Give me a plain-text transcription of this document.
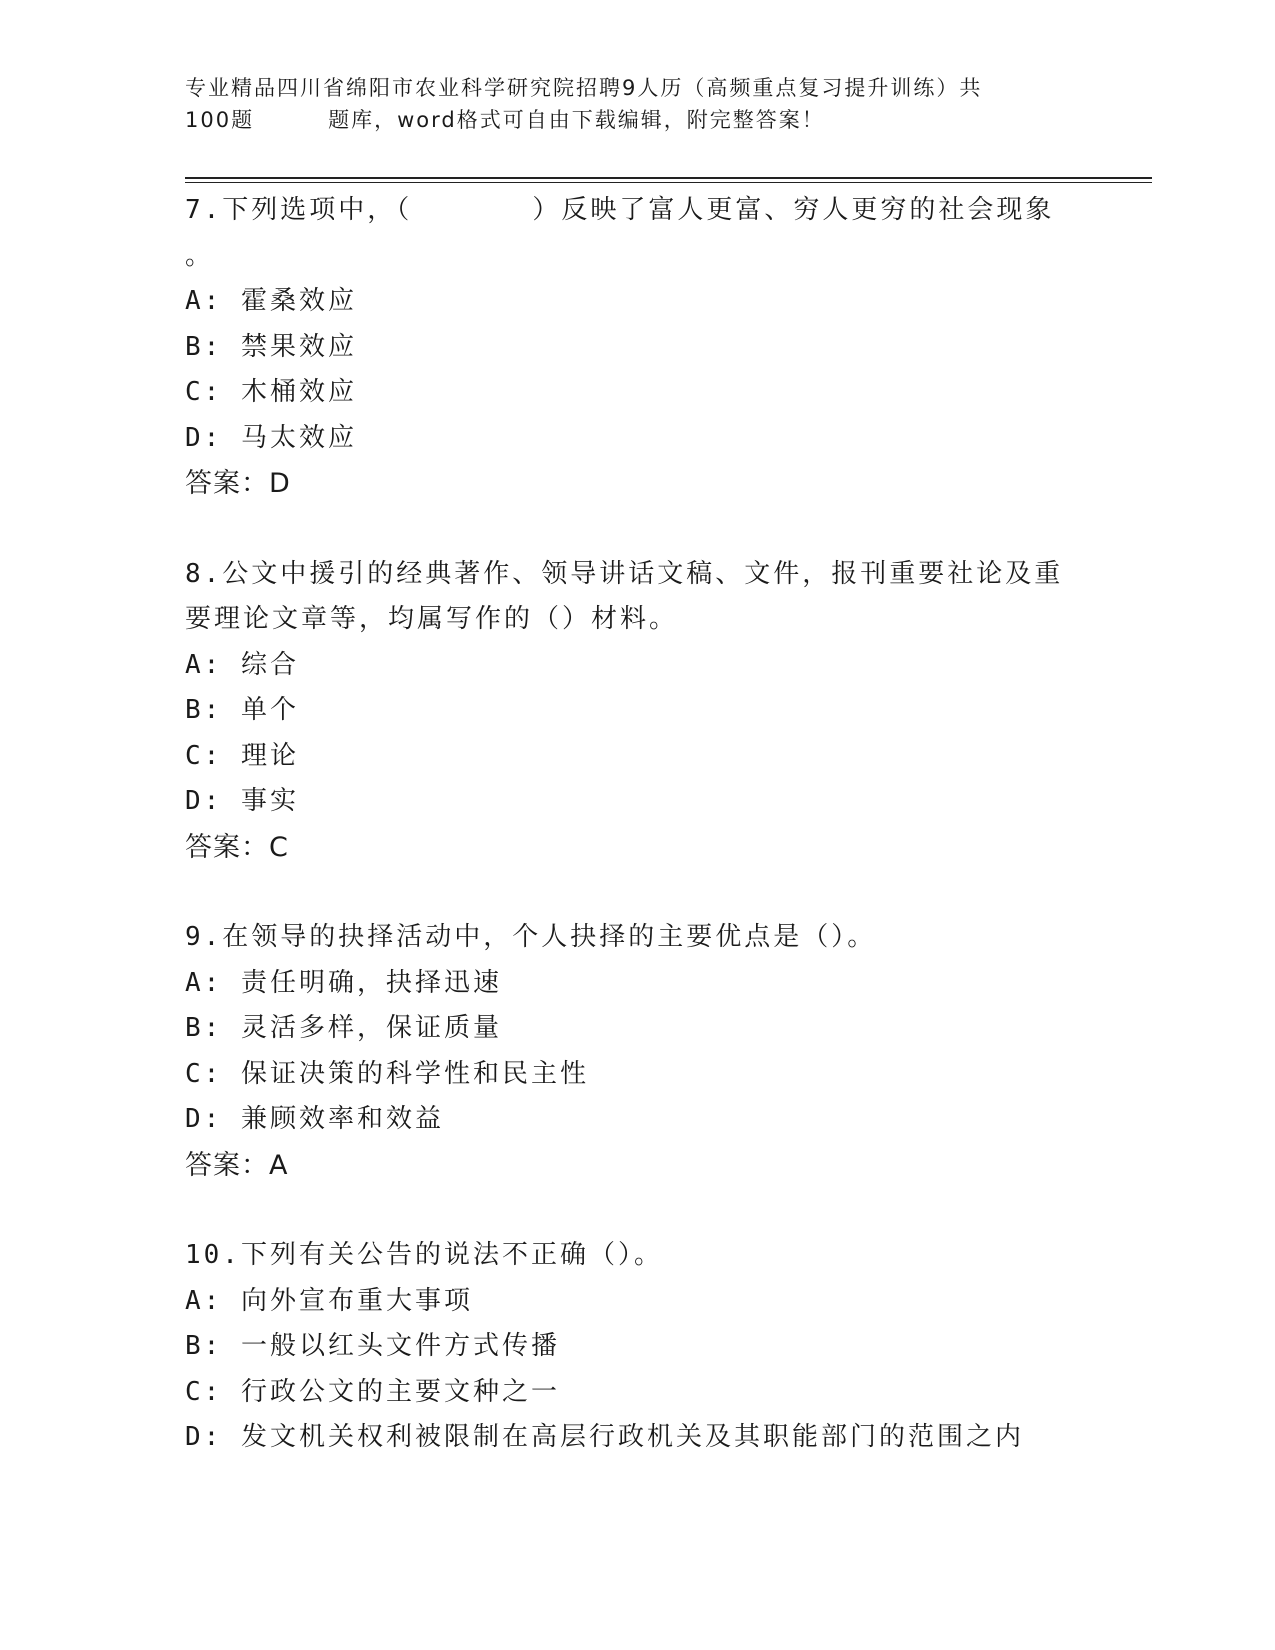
专业精品四川省绵阳市农业科学研究院招聘9人历（高频重点复习提升训练）共
100题	题库，word格式可自由下载编辑，附完整答案！
7.下列选项中，（	）反映了富人更富、穷人更穷的社会现象
。
A: 霍桑效应
B: 禁果效应
C: 木桶效应
D: 马太效应
答案：D
8.公文中援引的经典著作、领导讲话文稿、文件，报刊重要社论及重
要理论文章等，均属写作的（）材料。
A: 综合
B: 单个
C: 理论
D: 事实
答案：C
9.在领导的抉择活动中，个人抉择的主要优点是（）。
A: 责任明确，抉择迅速
B: 灵活多样，保证质量
C: 保证决策的科学性和民主性
D: 兼顾效率和效益
答案：A
10.下列有关公告的说法不正确（）。
A: 向外宣布重大事项
B: 一般以红头文件方式传播
C: 行政公文的主要文种之一
D: 发文机关权利被限制在高层行政机关及其职能部门的范围之内
